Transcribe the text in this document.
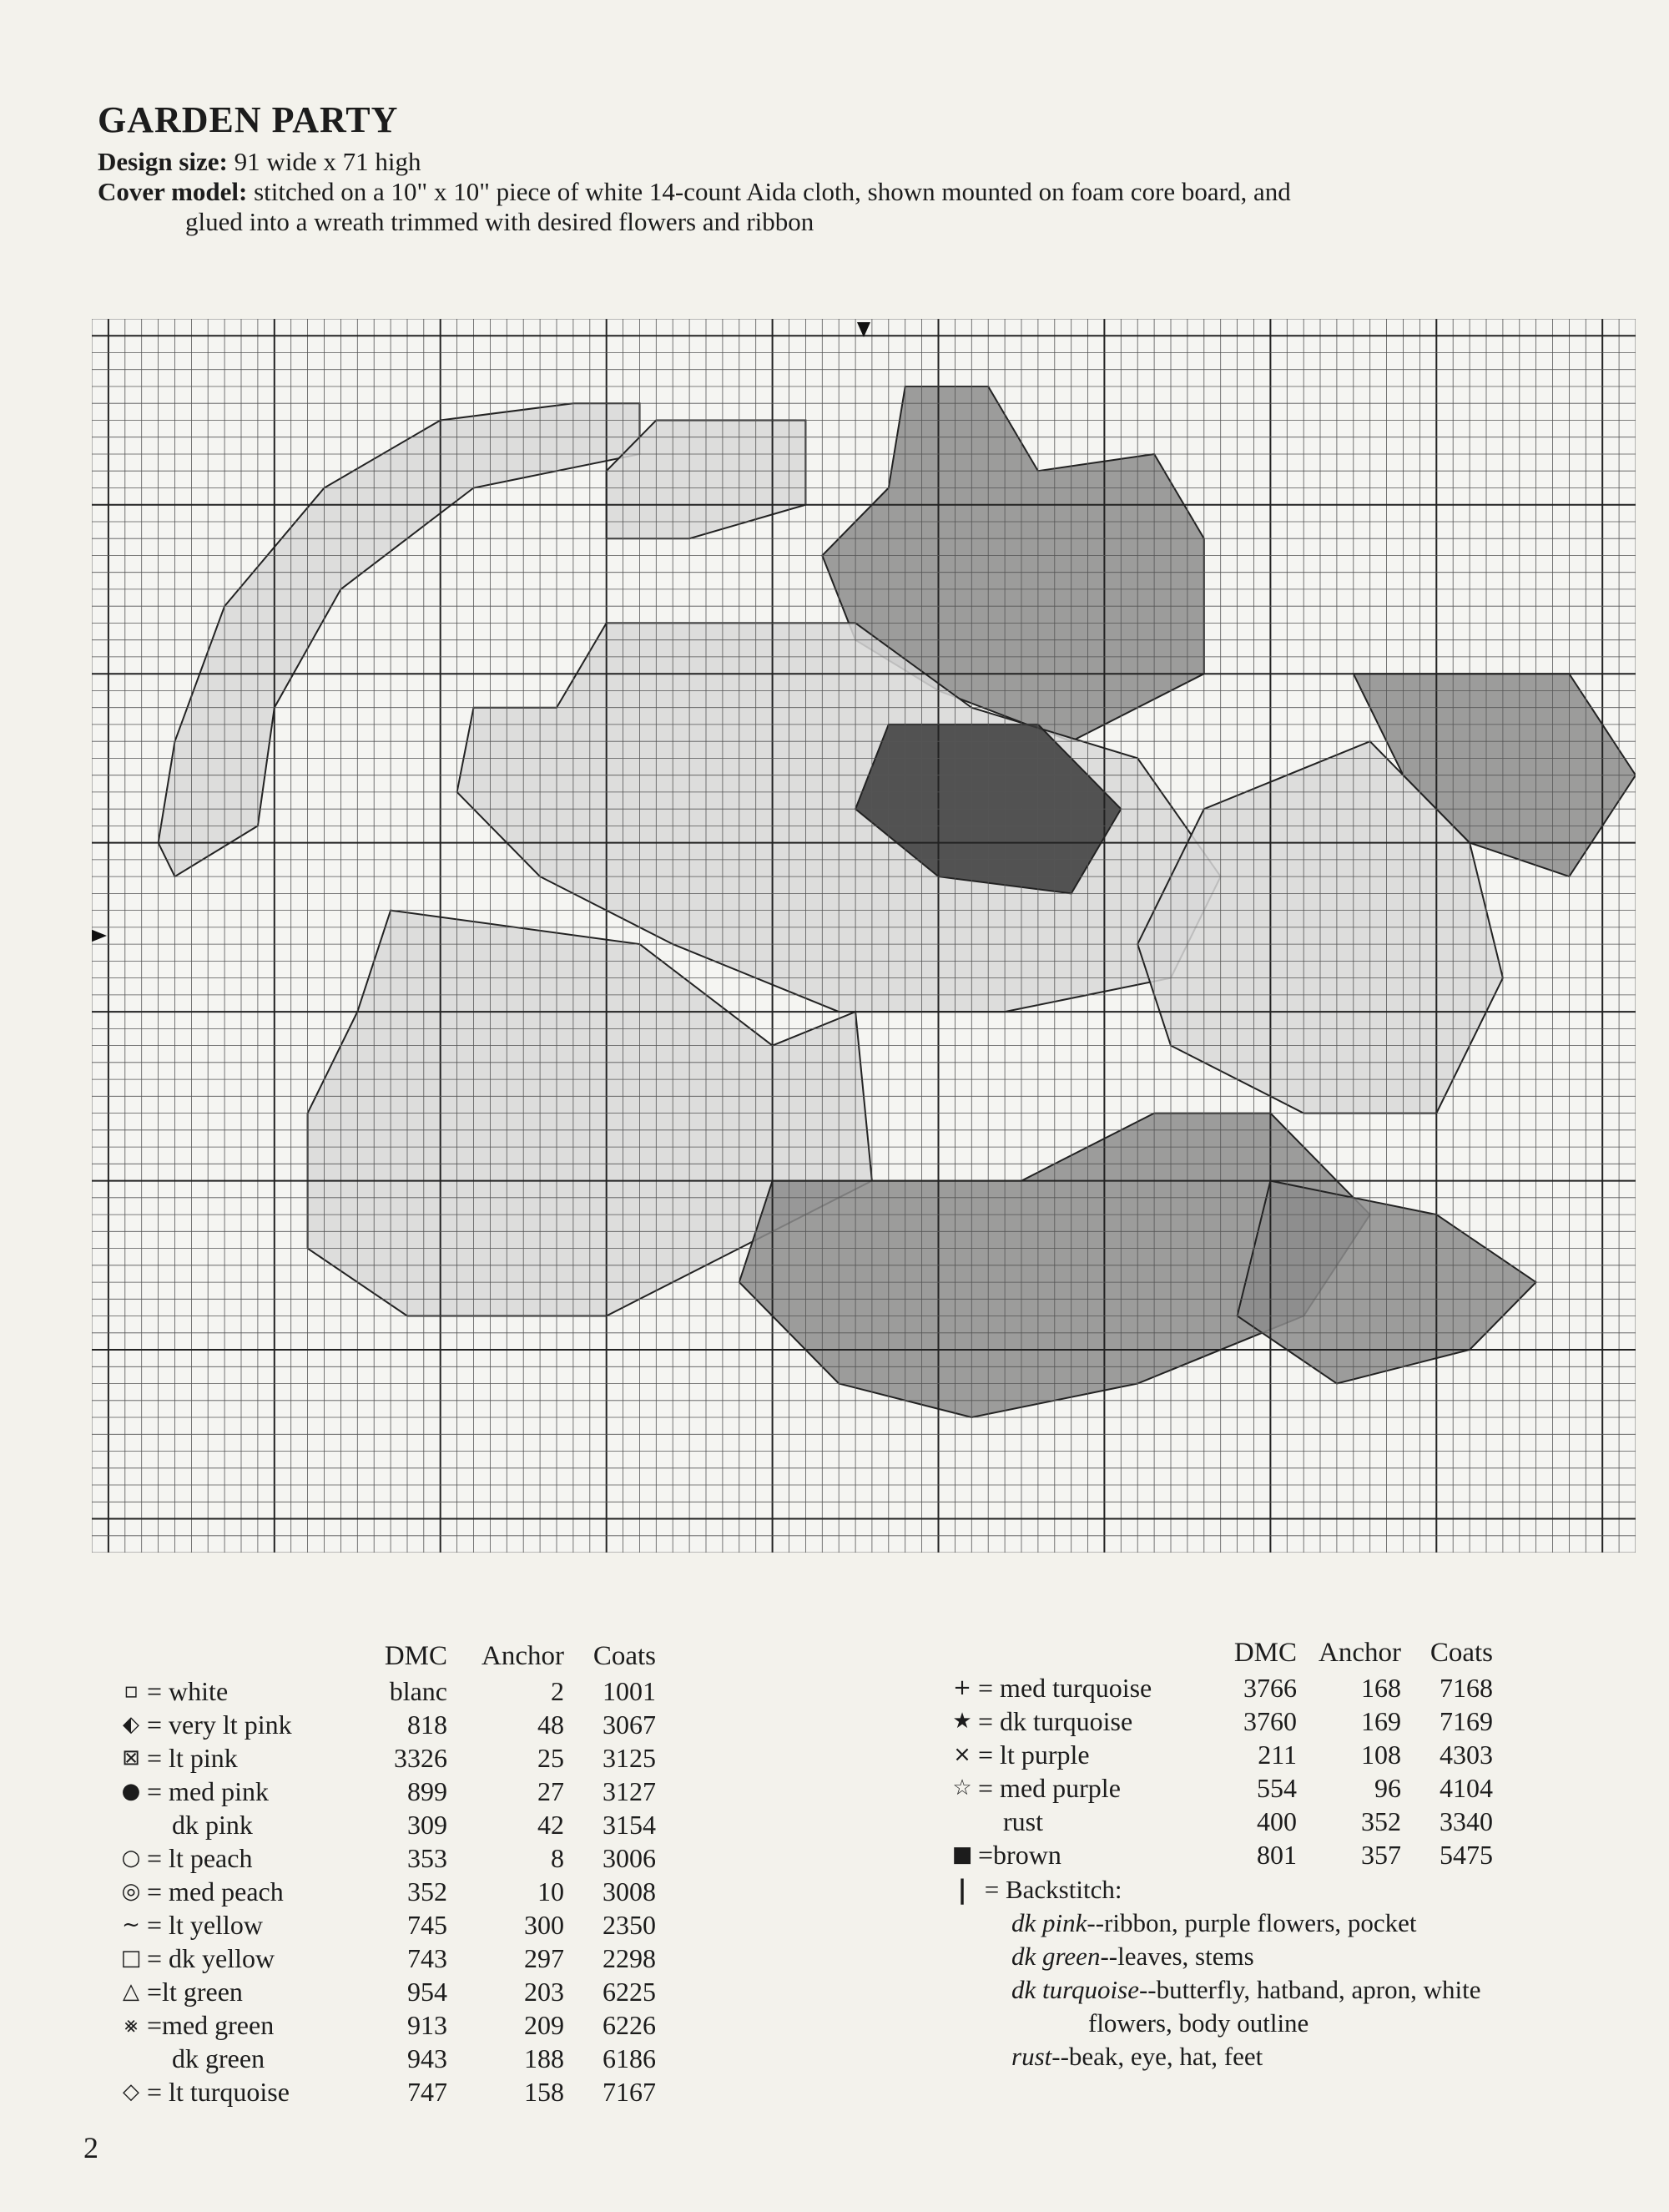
GARDEN PARTY
Design size: 91 wide x 71 high
Cover model: stitched on a 10" x 10" piece of white 14-count Aida cloth, shown mounted on foam core board, and
glued into a wreath trimmed with desired flowers and ribbon
		DMC	Anchor	Coats
▫	= white	blanc	2	1001
⬖	= very lt pink	818	48	3067
⊠	= lt pink	3326	25	3125
●	= med pink	899	27	3127
	dk pink	309	42	3154
○	= lt peach	353	8	3006
◎	= med peach	352	10	3008
~	= lt yellow	745	300	2350
□	= dk yellow	743	297	2298
△	=lt green	954	203	6225
⨳	=med green	913	209	6226
	dk green	943	188	6186
◇	= lt turquoise	747	158	7167
		DMC	Anchor	Coats
+	= med turquoise	3766	168	7168
★	= dk turquoise	3760	169	7169
×	= lt purple	211	108	4303
☆	= med purple	554	96	4104
	rust	400	352	3340
■	=brown	801	357	5475
| = Backstitch:
dk pink--ribbon, purple flowers, pocket
dk green--leaves, stems
dk turquoise--butterfly, hatband, apron, white
flowers, body outline
rust--beak, eye, hat, feet
2
